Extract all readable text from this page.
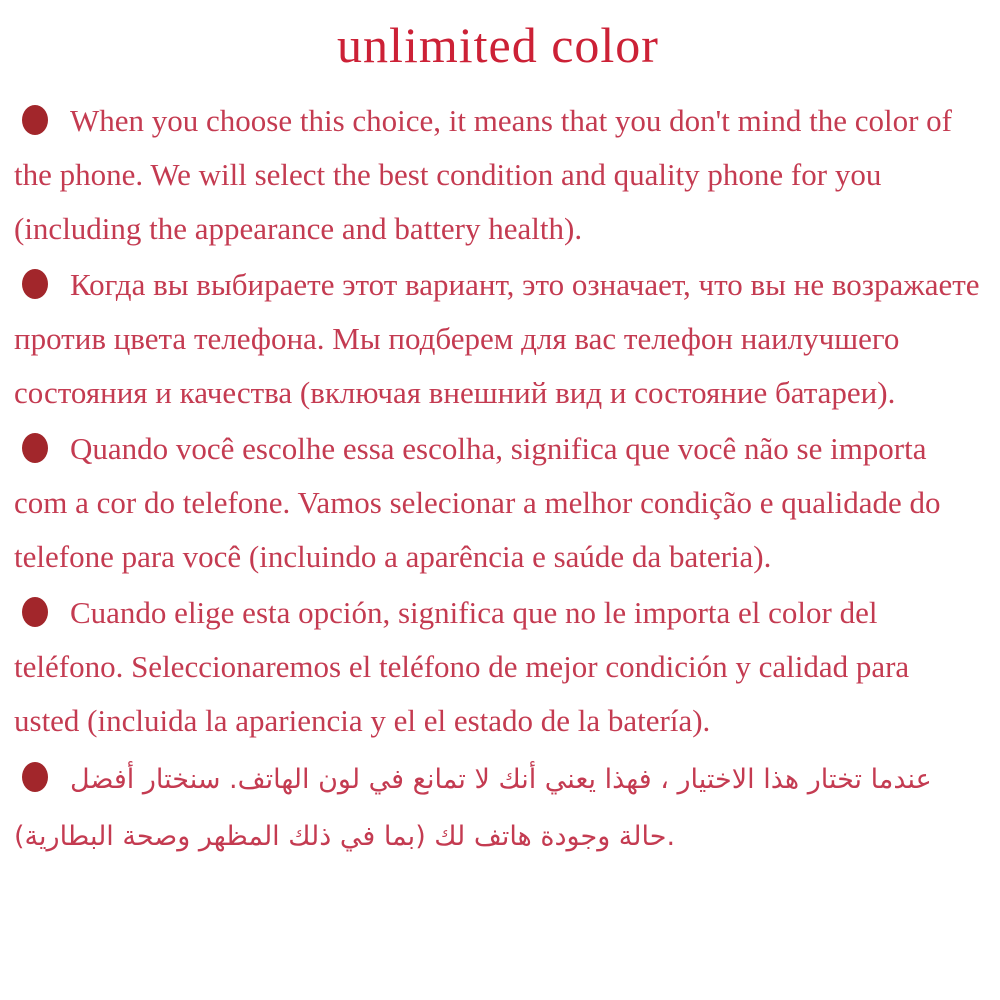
unlimited color

When you choose this choice, it means that you don't mind the color of the phone. We will select the best condition and quality phone for you (including the appearance and battery health).

Когда вы выбираете этот вариант, это означает, что вы не возражаете против цвета телефона. Мы подберем для вас телефон наилучшего состояния и качества (включая внешний вид и состояние батареи).

Quando você escolhe essa escolha, significa que você não se importa com a cor do telefone. Vamos selecionar a melhor condição e qualidade do telefone para você (incluindo a aparência e saúde da bateria).

Cuando elige esta opción, significa que no le importa el color del teléfono. Seleccionaremos el teléfono de mejor condición y calidad para usted (incluida la apariencia y el el estado de la batería).

عندما تختار هذا الاختيار ، فهذا يعني أنك لا تمانع في لون الهاتف. سنختار أفضل حالة وجودة هاتف لك (بما في ذلك المظهر وصحة البطارية).
